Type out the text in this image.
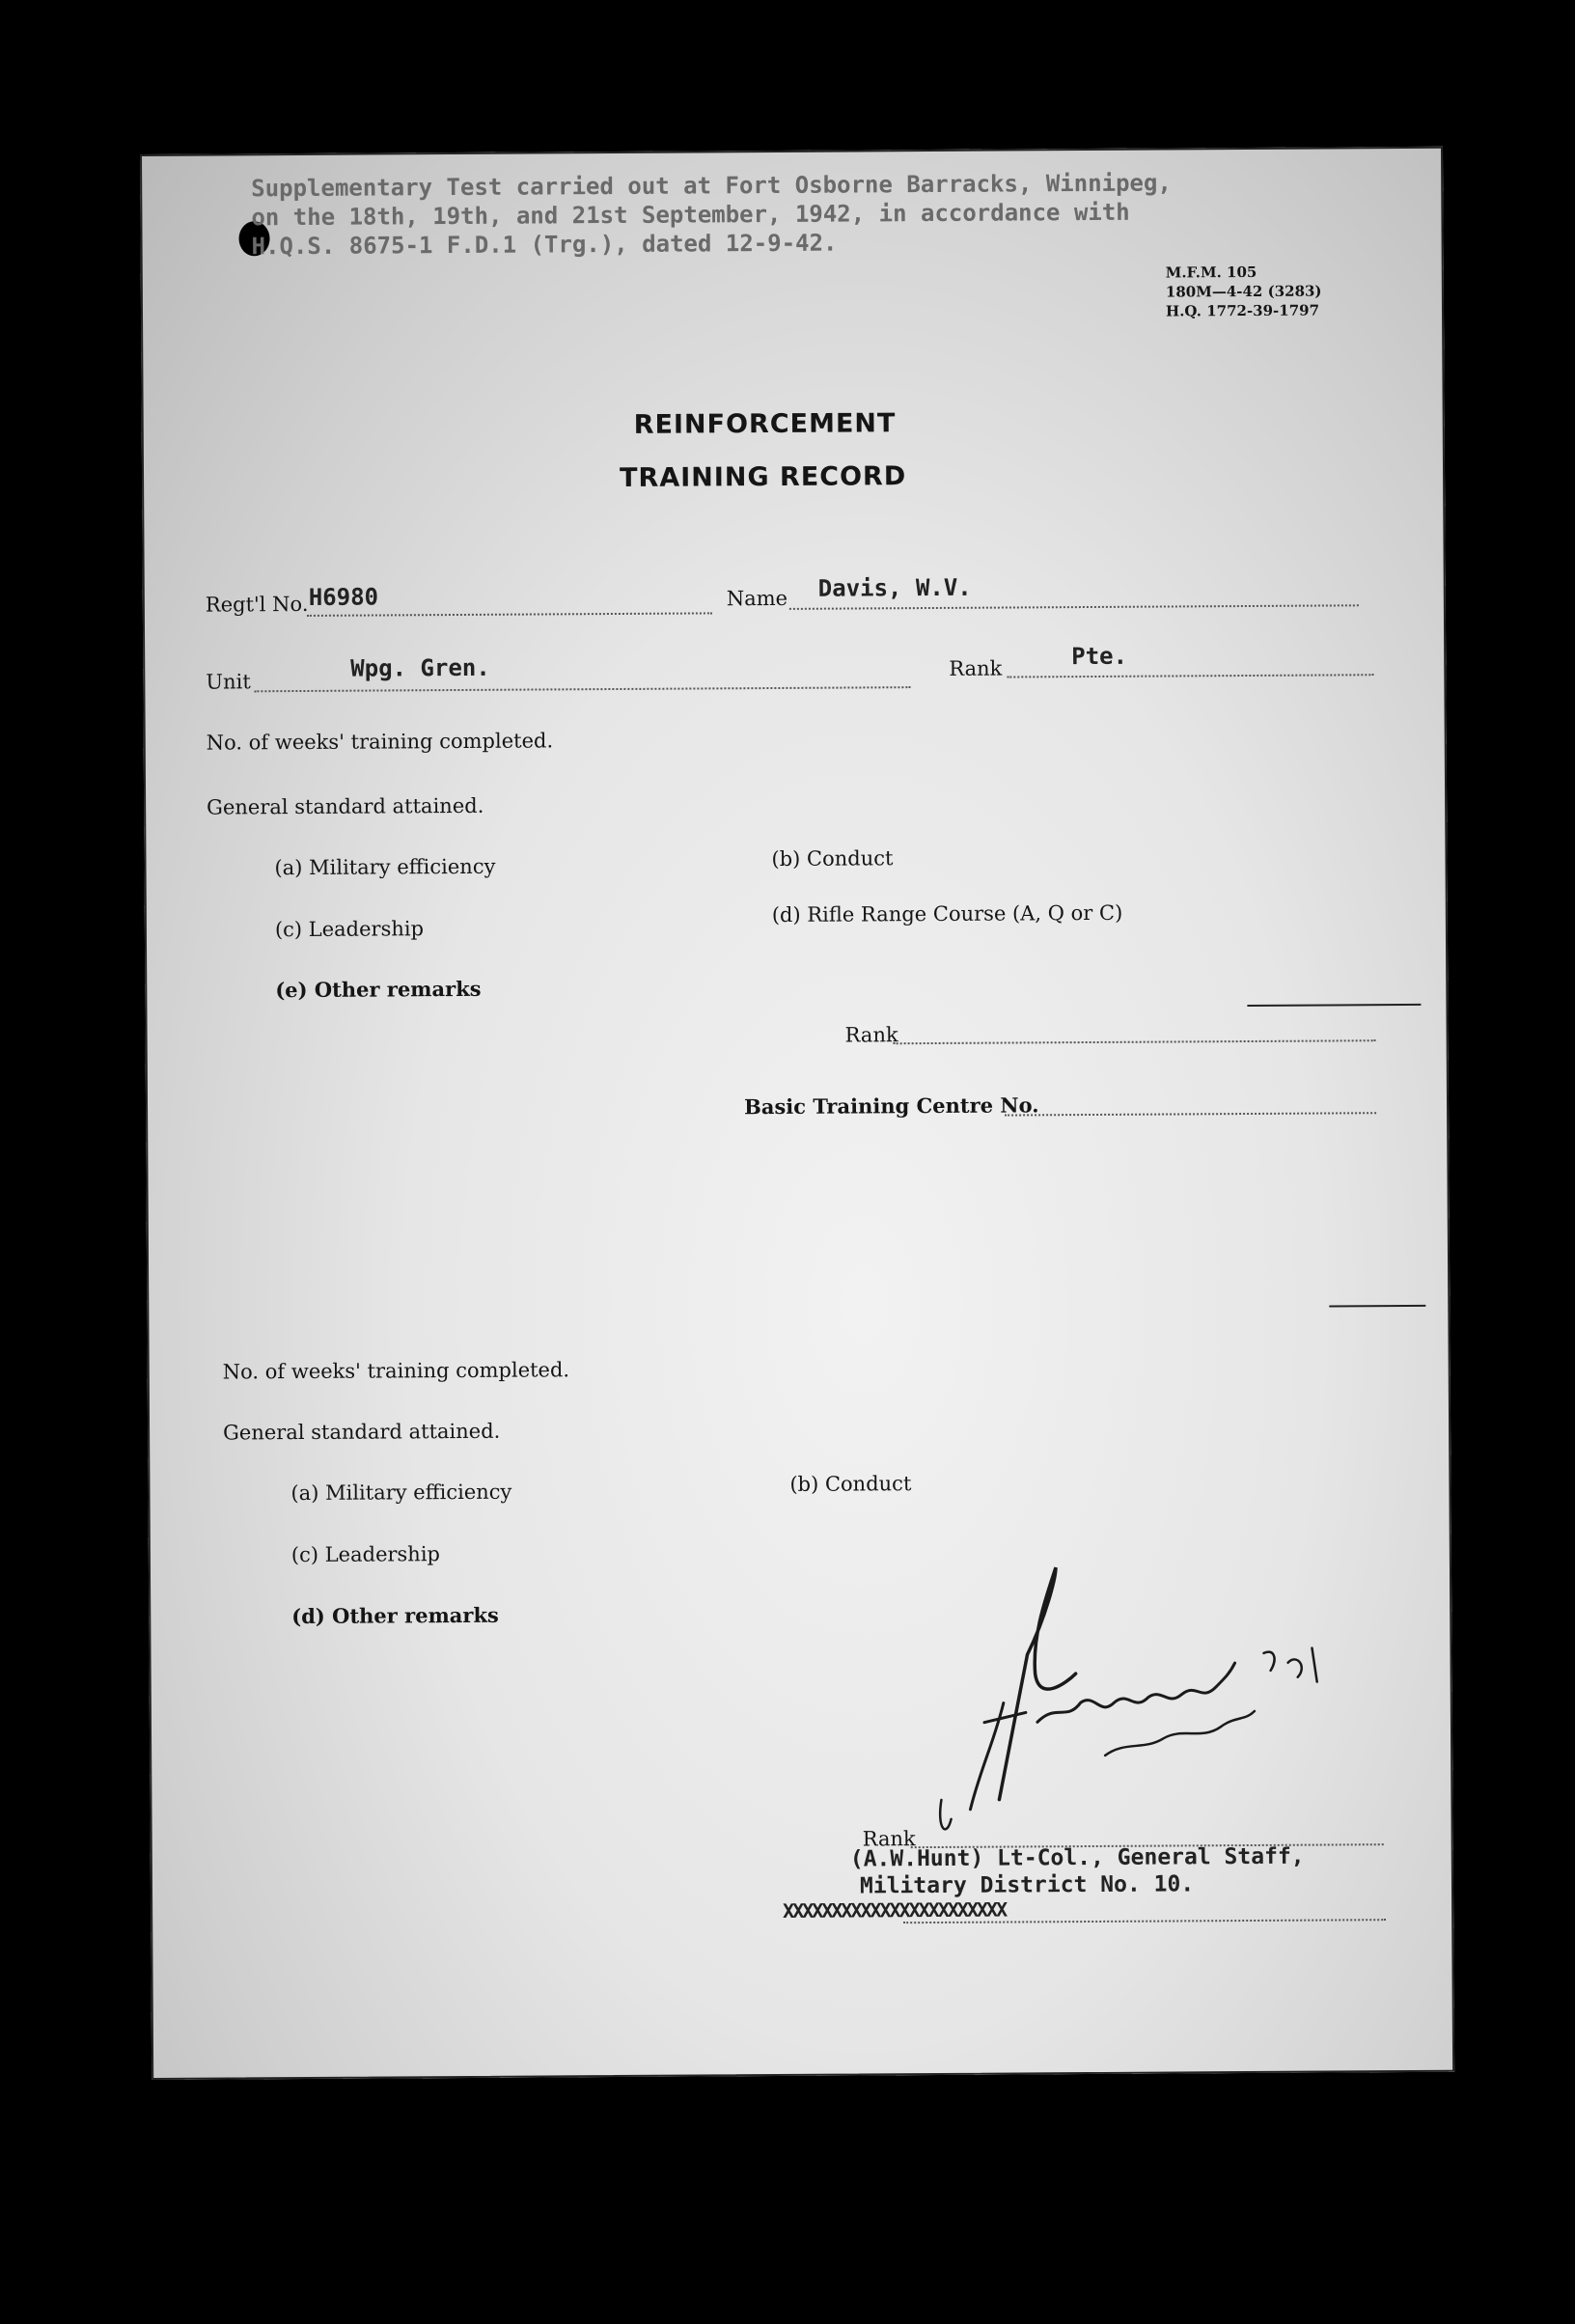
Supplementary Test carried out at Fort Osborne Barracks, Winnipeg,
on the 18th, 19th, and 21st September, 1942, in accordance with
H.Q.S. 8675-1 F.D.1 (Trg.), dated 12-9-42.
M.F.M. 105
180M—4-42 (3283)
H.Q. 1772-39-1797
REINFORCEMENT
TRAINING RECORD
Regt'l No. H6980	Name Davis, W.V.
Unit	Wpg. Gren.	Rank	Pte.
No. of weeks' training completed.
General standard attained.
(a) Military efficiency	(b) Conduct
(c) Leadership
(d) Rifle Range Course (A, Q or C)
(e) Other remarks
Rank
Basic Training Centre No.
No. of weeks' training completed.
General standard attained.
(a) Military efficiency	(b) Conduct
(c) Leadership
(d) Other remarks
Rank
(A.W.Hunt) Lt-Col., General Staff,
Military District No. 10.
XXXXXXXXXXXXXXXXXXXXXXX
